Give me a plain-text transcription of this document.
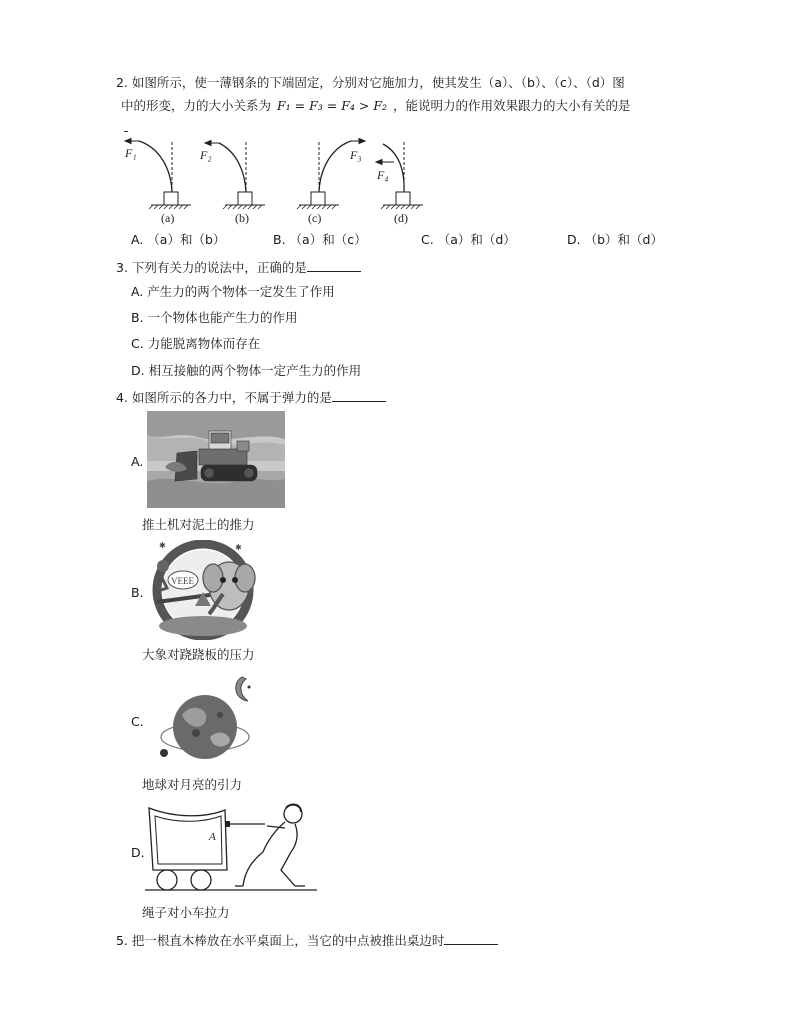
2. 如图所示，使一薄钢条的下端固定，分别对它施加力，使其发生（a）、（b）、（c）、（d）图
中的形变，力的大小关系为 F₁ = F₃ = F₄ > F₂ ，能说明力的作用效果跟力的大小有关的是
F₁	F₂	F₃
F₄
(a)	(b)	(c)	(d)
A. （a）和（b）	B. （a）和（c）	C. （a）和（d）	D. （b）和（d）
3. 下列有关力的说法中，正确的是
A. 产生力的两个物体一定发生了作用
B. 一个物体也能产生力的作用
C. 力能脱离物体而存在
D. 相互接触的两个物体一定产生力的作用
4. 如图所示的各力中，不属于弹力的是
A.
推土机对泥土的推力
B.
VEEE
✱	✱
大象对跷跷板的压力
C.
地球对月亮的引力
D.
A
绳子对小车拉力
5. 把一根直木棒放在水平桌面上，当它的中点被推出桌边时
